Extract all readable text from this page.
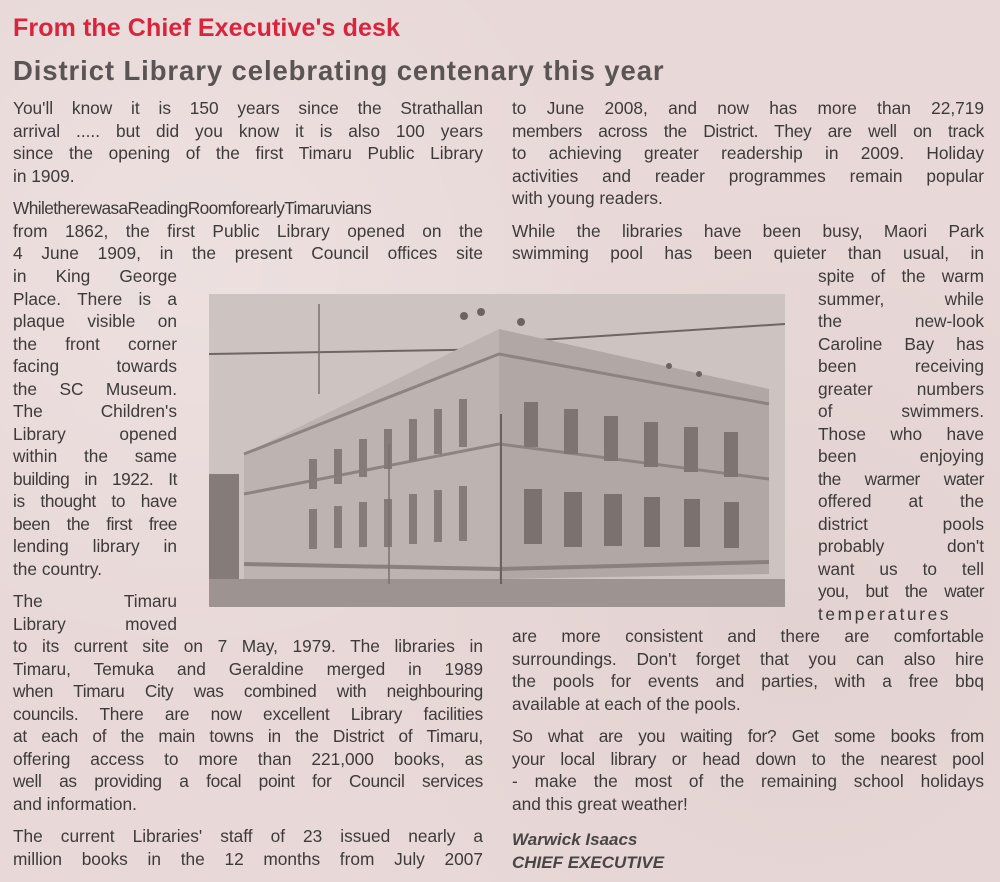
From the Chief Executive's desk
District Library celebrating centenary this year
You'll know it is 150 years since the Strathallan
arrival ..... but did you know it is also 100 years
since the opening of the first Timaru Public Library
in 1909.
WhiletherewasaReadingRoomforearlyTimaruvians
from 1862, the first Public Library opened on the
4 June 1909, in the present Council offices site
in King George
Place. There is a
plaque visible on
the front corner
facing towards
the SC Museum.
The Children's
Library opened
within the same
building in 1922. It
is thought to have
been the first free
lending library in
the country.
The Timaru
Library moved
to its current site on 7 May, 1979. The libraries in
Timaru, Temuka and Geraldine merged in 1989
when Timaru City was combined with neighbouring
councils. There are now excellent Library facilities
at each of the main towns in the District of Timaru,
offering access to more than 221,000 books, as
well as providing a focal point for Council services
and information.
The current Libraries' staff of 23 issued nearly a
million books in the 12 months from July 2007
to June 2008, and now has more than 22,719
members across the District. They are well on track
to achieving greater readership in 2009. Holiday
activities and reader programmes remain popular
with young readers.
While the libraries have been busy, Maori Park
swimming pool has been quieter than usual, in
spite of the warm
summer, while
the new-look
Caroline Bay has
been receiving
greater numbers
of swimmers.
Those who have
been enjoying
the warmer water
offered at the
district pools
probably don't
want us to tell
you, but the water
temperatures
are more consistent and there are comfortable
surroundings. Don't forget that you can also hire
the pools for events and parties, with a free bbq
available at each of the pools.
So what are you waiting for? Get some books from
your local library or head down to the nearest pool
- make the most of the remaining school holidays
and this great weather!
Warwick Isaacs
CHIEF EXECUTIVE
